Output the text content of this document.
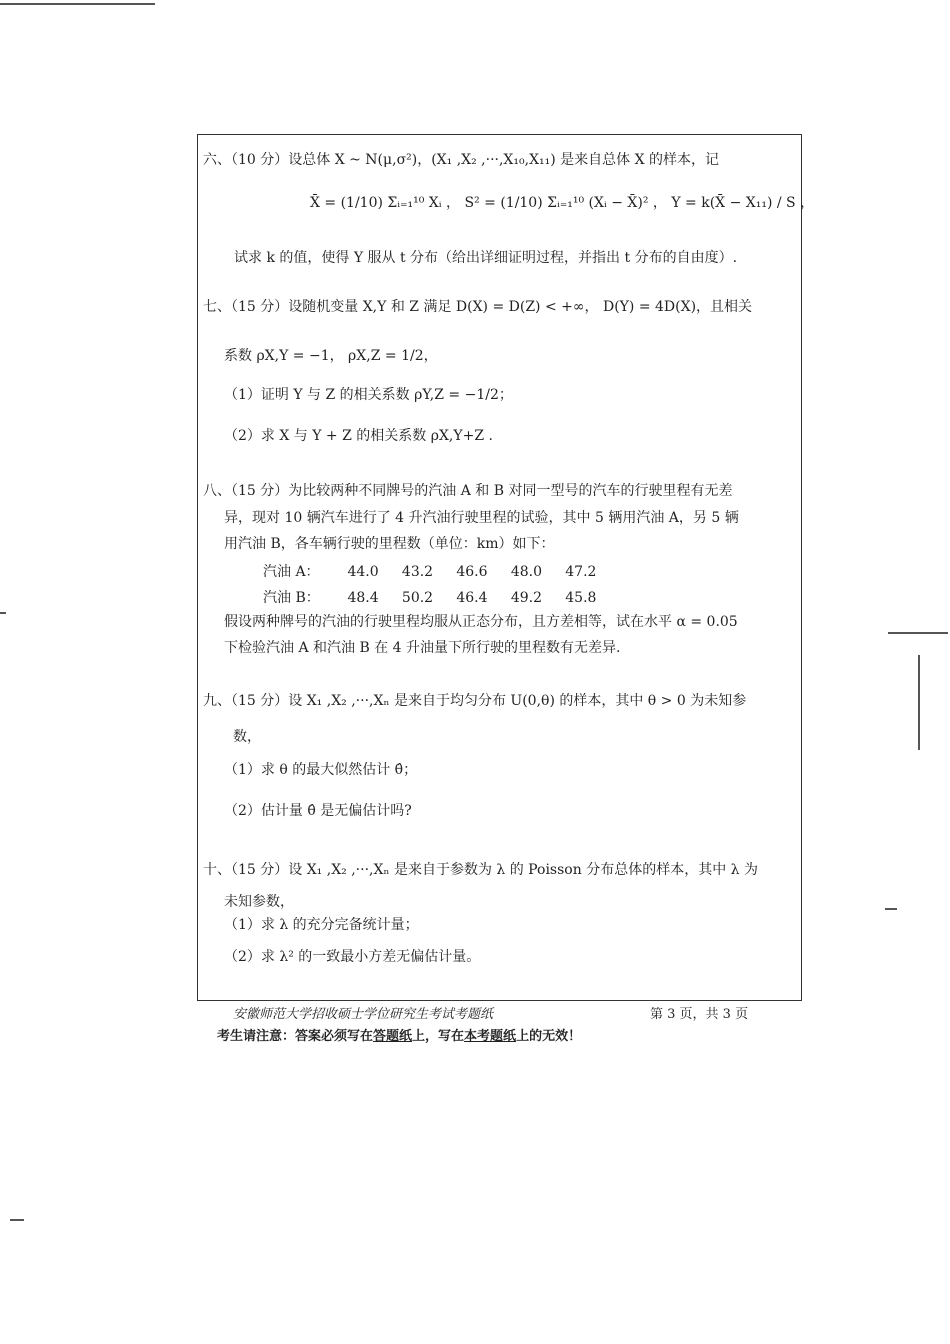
六、（10 分）设总体 X ~ N(μ,σ²)，(X₁ ,X₂ ,···,X₁₀,X₁₁) 是来自总体 X 的样本，记
X̄ = (1/10) Σᵢ₌₁¹⁰ Xᵢ ， S² = (1/10) Σᵢ₌₁¹⁰ (Xᵢ − X̄)² ， Y = k(X̄ − X₁₁) / S ，
试求 k 的值，使得 Y 服从 t 分布（给出详细证明过程，并指出 t 分布的自由度）.
七、（15 分）设随机变量 X,Y 和 Z 满足 D(X) = D(Z) < +∞， D(Y) = 4D(X)，且相关
系数 ρX,Y = −1， ρX,Z = 1/2，
（1）证明 Y 与 Z 的相关系数 ρY,Z = −1/2；
（2）求 X 与 Y + Z 的相关系数 ρX,Y+Z .
八、（15 分）为比较两种不同牌号的汽油 A 和 B 对同一型号的汽车的行驶里程有无差
异，现对 10 辆汽车进行了 4 升汽油行驶里程的试验，其中 5 辆用汽油 A，另 5 辆
用汽油 B，各车辆行驶的里程数（单位：km）如下：
汽油 A： 44.0 43.2 46.6 48.0 47.2
汽油 B： 48.4 50.2 46.4 49.2 45.8
假设两种牌号的汽油的行驶里程均服从正态分布，且方差相等，试在水平 α = 0.05
下检验汽油 A 和汽油 B 在 4 升油量下所行驶的里程数有无差异.
九、（15 分）设 X₁ ,X₂ ,···,Xₙ 是来自于均匀分布 U(0,θ) 的样本，其中 θ > 0 为未知参
数，
（1）求 θ 的最大似然估计 θ̂；
（2）估计量 θ̂ 是无偏估计吗?
十、（15 分）设 X₁ ,X₂ ,···,Xₙ 是来自于参数为 λ 的 Poisson 分布总体的样本，其中 λ 为
未知参数，
（1）求 λ 的充分完备统计量；
（2）求 λ² 的一致最小方差无偏估计量。
安徽师范大学招收硕士学位研究生考试考题纸	第 3 页，共 3 页
考生请注意：答案必须写在答题纸上，写在本考题纸上的无效！
